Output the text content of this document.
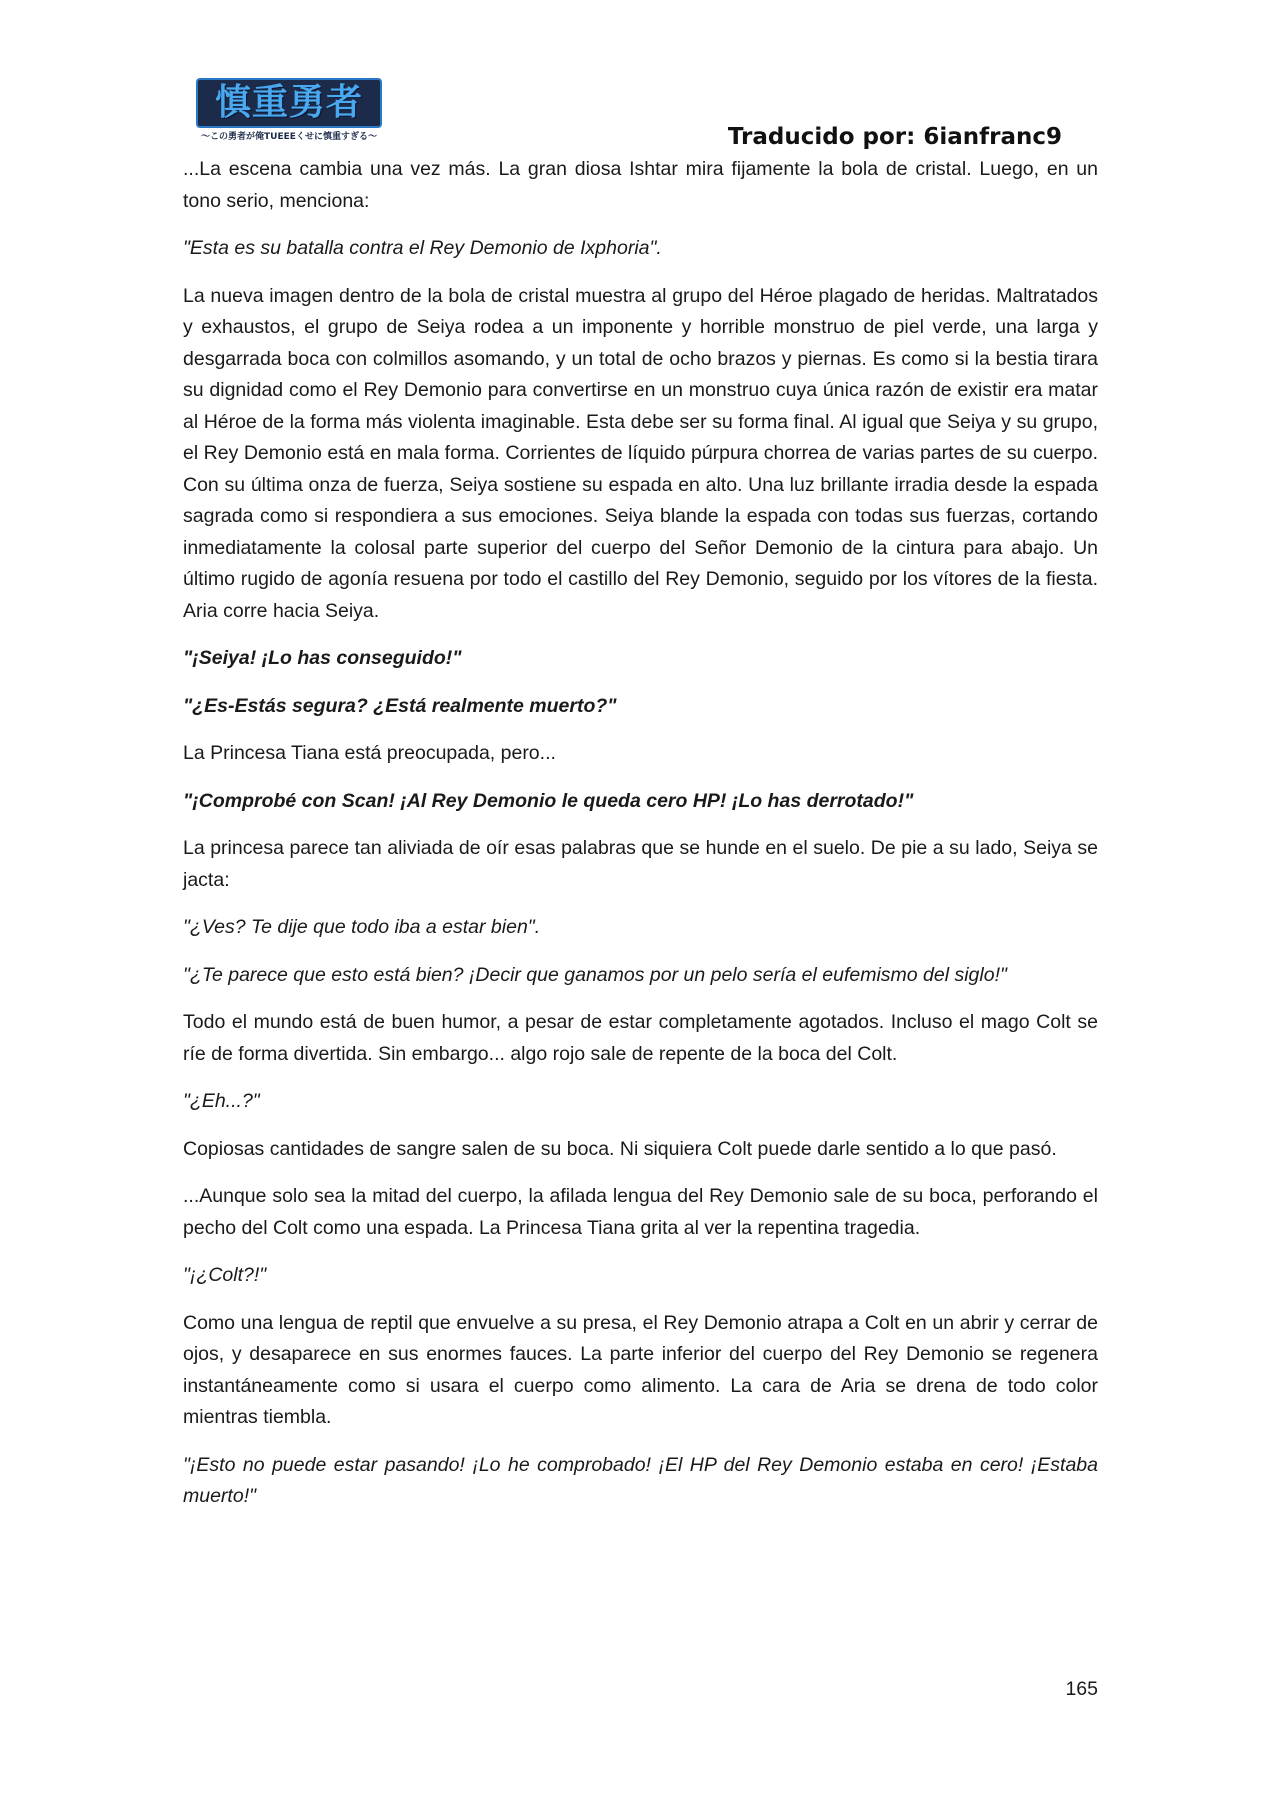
慎重勇者
〜この勇者が俺TUEEEくせに慎重すぎる〜	Traducido por: 6ianfranc9

...La escena cambia una vez más. La gran diosa Ishtar mira fijamente la bola de cristal. Luego, en un tono serio, menciona:

"Esta es su batalla contra el Rey Demonio de Ixphoria".

La nueva imagen dentro de la bola de cristal muestra al grupo del Héroe plagado de heridas. Maltratados y exhaustos, el grupo de Seiya rodea a un imponente y horrible monstruo de piel verde, una larga y desgarrada boca con colmillos asomando, y un total de ocho brazos y piernas. Es como si la bestia tirara su dignidad como el Rey Demonio para convertirse en un monstruo cuya única razón de existir era matar al Héroe de la forma más violenta imaginable. Esta debe ser su forma final. Al igual que Seiya y su grupo, el Rey Demonio está en mala forma. Corrientes de líquido púrpura chorrea de varias partes de su cuerpo. Con su última onza de fuerza, Seiya sostiene su espada en alto. Una luz brillante irradia desde la espada sagrada como si respondiera a sus emociones. Seiya blande la espada con todas sus fuerzas, cortando inmediatamente la colosal parte superior del cuerpo del Señor Demonio de la cintura para abajo. Un último rugido de agonía resuena por todo el castillo del Rey Demonio, seguido por los vítores de la fiesta. Aria corre hacia Seiya.

"¡Seiya! ¡Lo has conseguido!"

"¿Es-Estás segura? ¿Está realmente muerto?"

La Princesa Tiana está preocupada, pero...

"¡Comprobé con Scan! ¡Al Rey Demonio le queda cero HP! ¡Lo has derrotado!"

La princesa parece tan aliviada de oír esas palabras que se hunde en el suelo. De pie a su lado, Seiya se jacta:

"¿Ves? Te dije que todo iba a estar bien".

"¿Te parece que esto está bien? ¡Decir que ganamos por un pelo sería el eufemismo del siglo!"

Todo el mundo está de buen humor, a pesar de estar completamente agotados. Incluso el mago Colt se ríe de forma divertida. Sin embargo... algo rojo sale de repente de la boca del Colt.

"¿Eh...?"

Copiosas cantidades de sangre salen de su boca. Ni siquiera Colt puede darle sentido a lo que pasó.

...Aunque solo sea la mitad del cuerpo, la afilada lengua del Rey Demonio sale de su boca, perforando el pecho del Colt como una espada. La Princesa Tiana grita al ver la repentina tragedia.

"¡¿Colt?!"

Como una lengua de reptil que envuelve a su presa, el Rey Demonio atrapa a Colt en un abrir y cerrar de ojos, y desaparece en sus enormes fauces. La parte inferior del cuerpo del Rey Demonio se regenera instantáneamente como si usara el cuerpo como alimento. La cara de Aria se drena de todo color mientras tiembla.

"¡Esto no puede estar pasando! ¡Lo he comprobado! ¡El HP del Rey Demonio estaba en cero! ¡Estaba muerto!"

165
